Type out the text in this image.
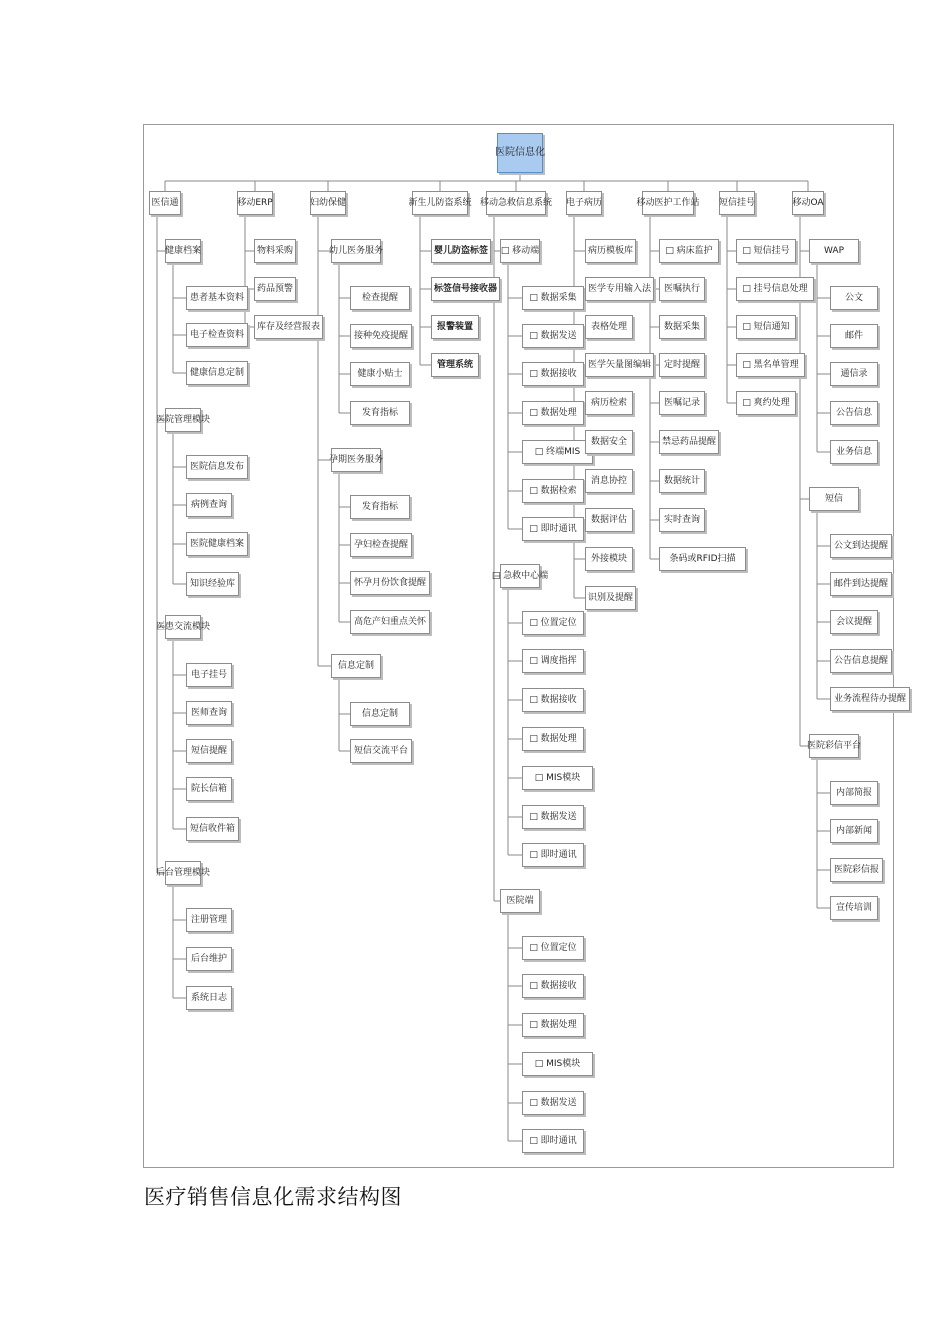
医院信息化
医信通
健康档案
患者基本资料
电子检查资料
健康信息定制
医院管理模块
医院信息发布
病例查询
医院健康档案
知识经验库
医患交流模块
电子挂号
医师查询
短信提醒
院长信箱
短信收件箱
后台管理模块
注册管理
后台维护
系统日志
移动ERP
物料采购
药品预警
库存及经营报表
妇幼保健
幼儿医务服务
检查提醒
接种免疫提醒
健康小贴士
发育指标
孕期医务服务
发育指标
孕妇检查提醒
怀孕月份饮食提醒
高危产妇重点关怀
信息定制
信息定制
短信交流平台
新生儿防盗系统
婴儿防盗标签
标签信号接收器
报警装置
管理系统
移动急救信息系统
□ 移动端
□ 数据采集
□ 数据发送
□ 数据接收
□ 数据处理
□ 终端MIS
□ 数据检索
□ 即时通讯
□ 急救中心端
□ 位置定位
□ 调度指挥
□ 数据接收
□ 数据处理
□ MIS模块
□ 数据发送
□ 即时通讯
医院端
□ 位置定位
□ 数据接收
□ 数据处理
□ MIS模块
□ 数据发送
□ 即时通讯
电子病历
病历模板库
医学专用输入法
表格处理
医学矢量图编辑
病历检索
数据安全
消息协控
数据评估
外接模块
识别及提醒
移动医护工作站
□ 病床监护
医嘱执行
数据采集
定时提醒
医嘱记录
禁忌药品提醒
数据统计
实时查询
条码或RFID扫描
短信挂号
□ 短信挂号
□ 挂号信息处理
□ 短信通知
□ 黑名单管理
□ 爽约处理
移动OA
WAP
公文
邮件
通信录
公告信息
业务信息
短信
公文到达提醒
邮件到达提醒
会议提醒
公告信息提醒
业务流程待办提醒
医院彩信平台
内部简报
内部新闻
医院彩信报
宣传培训
医疗销售信息化需求结构图
